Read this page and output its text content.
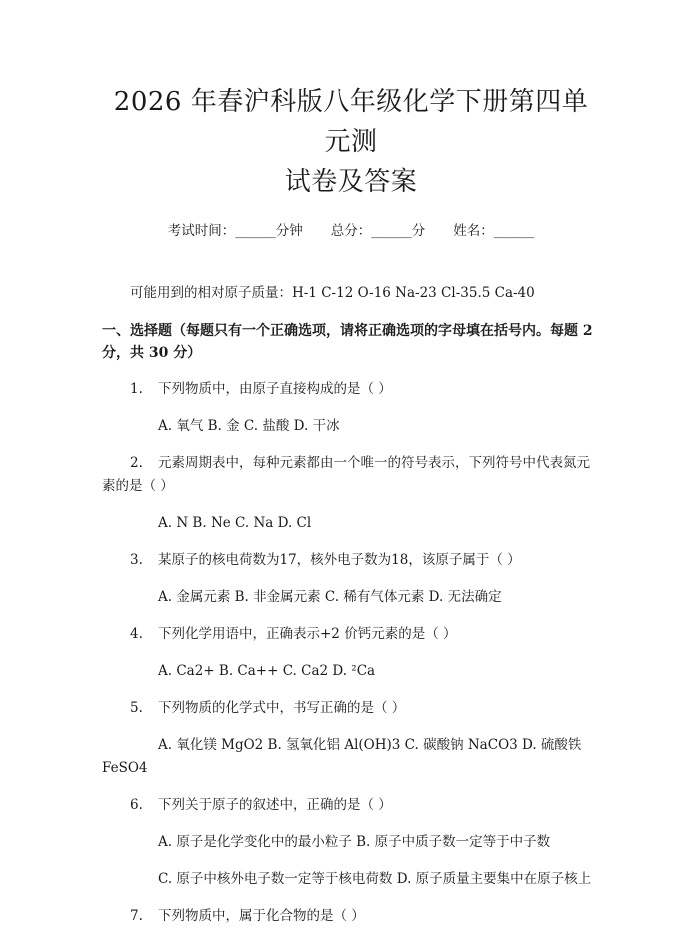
2026 年春沪科版八年级化学下册第四单元测
试卷及答案
考试时间：______分钟 总分：______分 姓名：______
可能用到的相对原子质量：H-1 C-12 O-16 Na-23 Cl-35.5 Ca-40
一、选择题（每题只有一个正确选项，请将正确选项的字母填在括号内。每题 2 分，共 30 分）
1. 下列物质中，由原子直接构成的是（ ）
A. 氧气 B. 金 C. 盐酸 D. 干冰
2. 元素周期表中，每种元素都由一个唯一的符号表示，下列符号中代表氮元素的是（ ）
A. N B. Ne C. Na D. Cl
3. 某原子的核电荷数为17，核外电子数为18，该原子属于（ ）
A. 金属元素 B. 非金属元素 C. 稀有气体元素 D. 无法确定
4. 下列化学用语中，正确表示+2 价钙元素的是（ ）
A. Ca2+ B. Ca++ C. Ca2 D. ²Ca
5. 下列物质的化学式中，书写正确的是（ ）
A. 氧化镁 MgO2 B. 氢氧化铝 Al(OH)3 C. 碳酸钠 NaCO3 D. 硫酸铁 FeSO4
6. 下列关于原子的叙述中，正确的是（ ）
A. 原子是化学变化中的最小粒子 B. 原子中质子数一定等于中子数
C. 原子中核外电子数一定等于核电荷数 D. 原子质量主要集中在原子核上
7. 下列物质中，属于化合物的是（ ）
